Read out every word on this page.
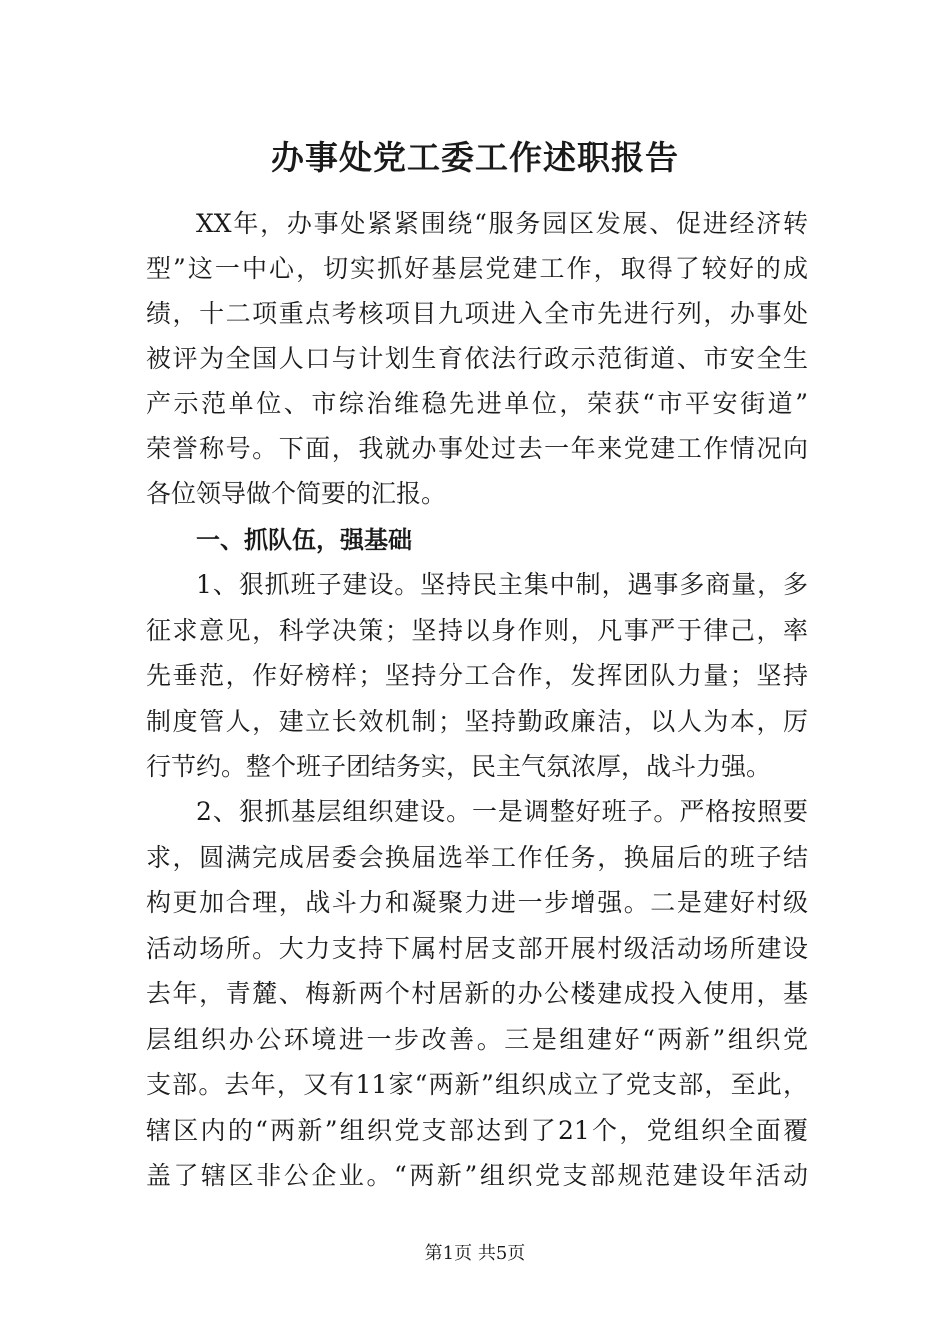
办事处党工委工作述职报告
XX年，办事处紧紧围绕“服务园区发展、促进经济转
型”这一中心，切实抓好基层党建工作，取得了较好的成
绩，十二项重点考核项目九项进入全市先进行列，办事处
被评为全国人口与计划生育依法行政示范街道、市安全生
产示范单位、市综治维稳先进单位，荣获“市平安街道”
荣誉称号。下面，我就办事处过去一年来党建工作情况向
各位领导做个简要的汇报。
一、抓队伍，强基础
1、狠抓班子建设。坚持民主集中制，遇事多商量，多
征求意见，科学决策；坚持以身作则，凡事严于律己，率
先垂范，作好榜样；坚持分工合作，发挥团队力量；坚持
制度管人，建立长效机制；坚持勤政廉洁，以人为本，厉
行节约。整个班子团结务实，民主气氛浓厚，战斗力强。
2、狠抓基层组织建设。一是调整好班子。严格按照要
求，圆满完成居委会换届选举工作任务，换届后的班子结
构更加合理，战斗力和凝聚力进一步增强。二是建好村级
活动场所。大力支持下属村居支部开展村级活动场所建设
去年，青麓、梅新两个村居新的办公楼建成投入使用，基
层组织办公环境进一步改善。三是组建好“两新”组织党
支部。去年，又有11家“两新”组织成立了党支部，至此，
辖区内的“两新”组织党支部达到了21个，党组织全面覆
盖了辖区非公企业。“两新”组织党支部规范建设年活动
第1页 共5页
